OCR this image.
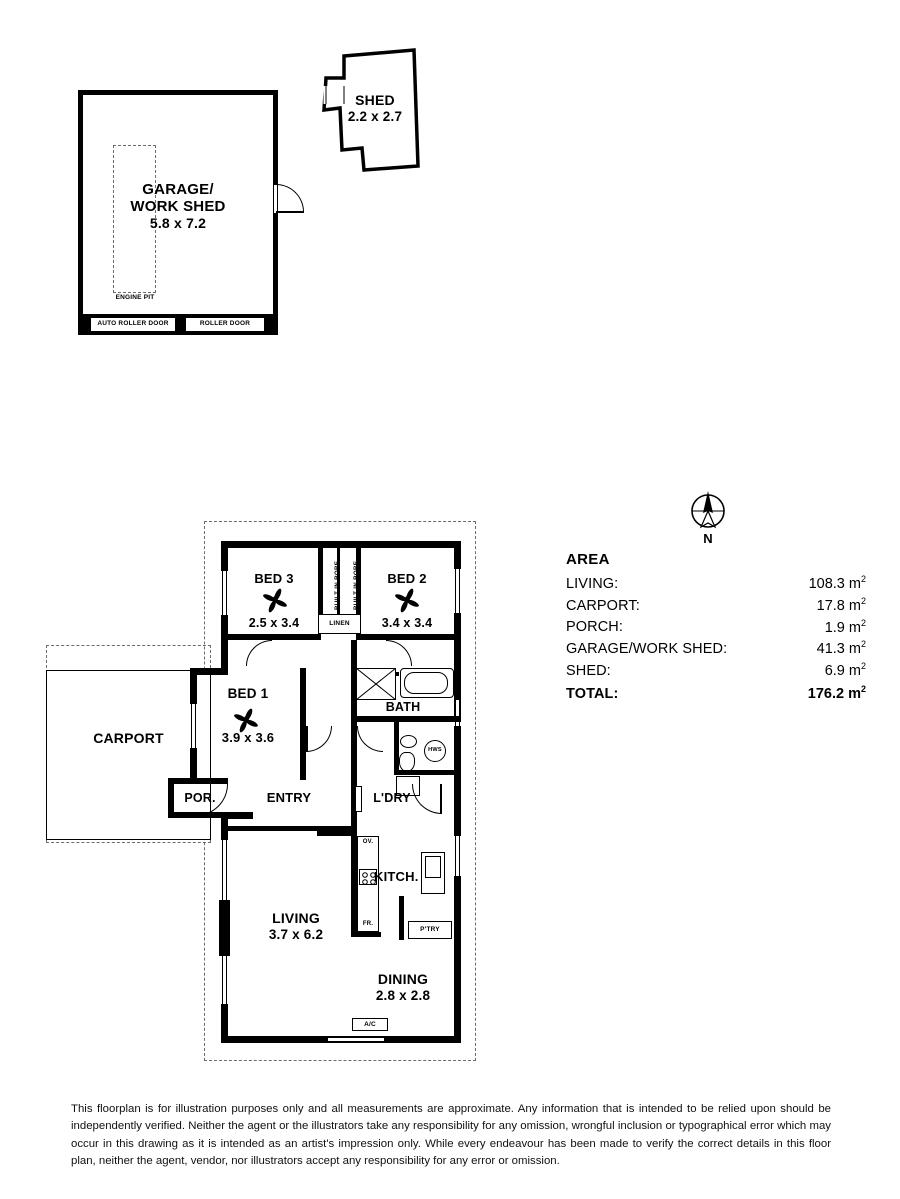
AUTO ROLLER DOOR	ROLLER DOOR
ENGINE PIT
GARAGE/
WORK SHED
5.8 x 7.2
SHED
2.2 x 2.7
N
AREA
LIVING:	108.3 $m^2$
CARPORT:	17.8 $m^2$
PORCH:	1.9 $m^2$
GARAGE/WORK SHED:	41.3 $m^2$
SHED:	6.9 $m^2$
TOTAL:	176.2 $m^2$
CARPORT
LINEN
HWS
POR.
OV.
FR.
P'TRY
A/C
BED 3
2.5 x 3.4
BED 2
3.4 x 3.4
BUILT IN ROBE BUILT IN ROBE
BED 1
3.9 x 3.6
BATH
ENTRY	L'DRY
KITCH.
LIVING
3.7 x 6.2
DINING
2.8 x 2.8
This floorplan is for illustration purposes only and all measurements are approximate. Any information that is intended to be relied upon should be independently verified. Neither the agent or the illustrators take any responsibility for any omission, wrongful inclusion or typographical error which may occur in this drawing as it is intended as an artist's impression only. While every endeavour has been made to verify the correct details in this floor plan, neither the agent, vendor, nor illustrators accept any responsibility for any error or omission.
